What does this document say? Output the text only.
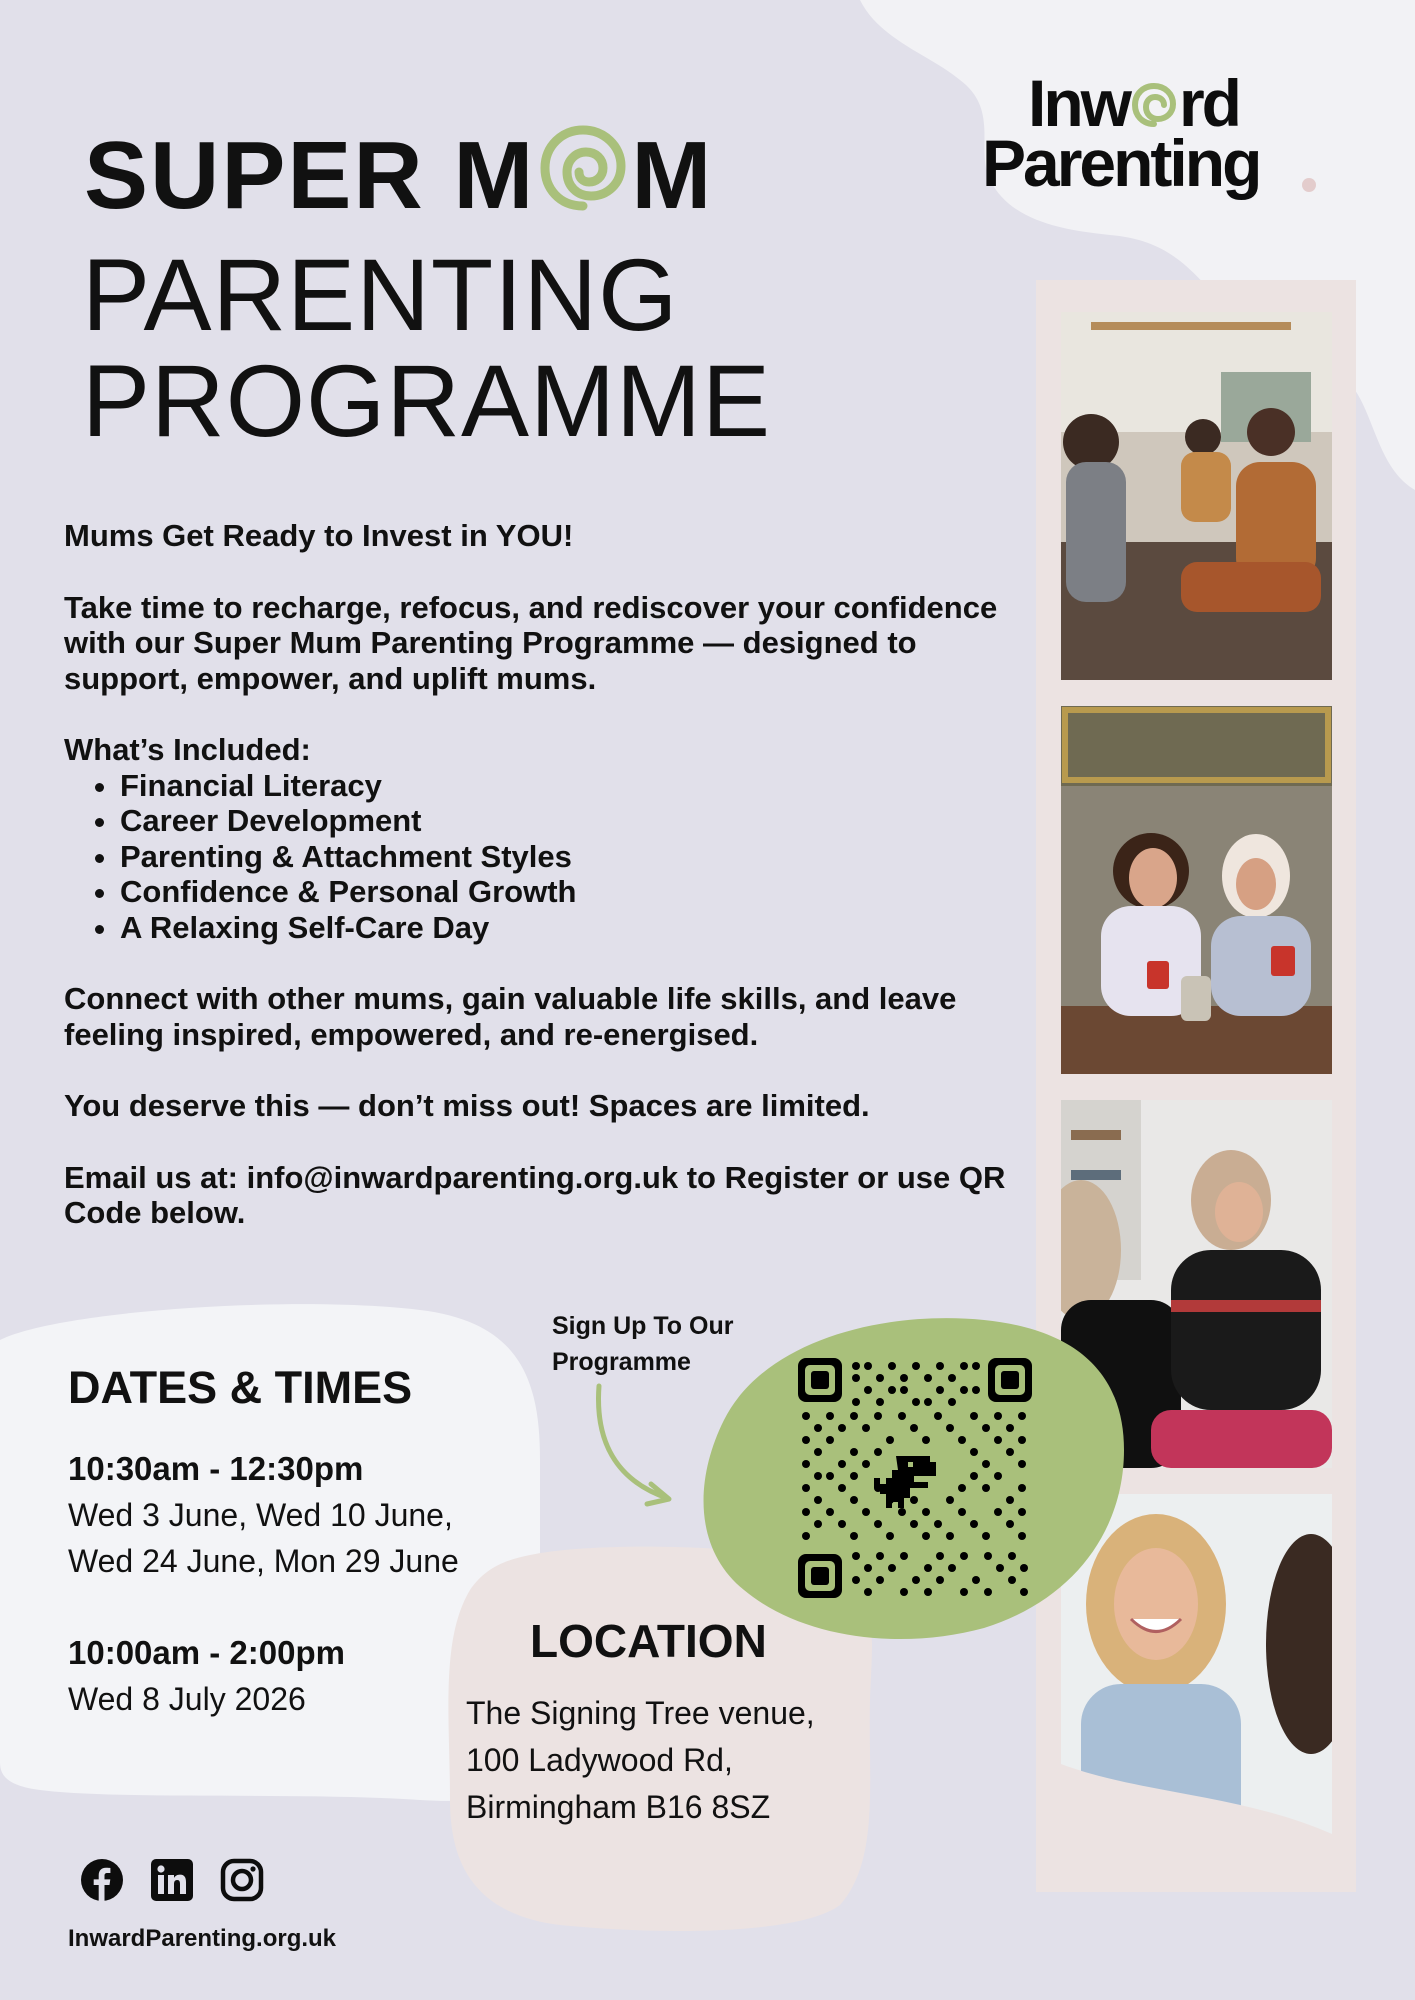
SUPER M M
PARENTING
PROGRAMME
Inw rd
Parenting

Mums Get Ready to Invest in YOU!

Take time to recharge, refocus, and rediscover your confidence with our Super Mum Parenting Programme — designed to support, empower, and uplift mums.

What’s Included:
• Financial Literacy
• Career Development
• Parenting & Attachment Styles
• Confidence & Personal Growth
• A Relaxing Self-Care Day

Connect with other mums, gain valuable life skills, and leave feeling inspired, empowered, and re-energised.

You deserve this — don’t miss out! Spaces are limited.

Email us at: info@inwardparenting.org.uk to Register or use QR Code below.

DATES & TIMES
10:30am - 12:30pm
Wed 3 June, Wed 10 June,
Wed 24 June, Mon 29 June
10:00am - 2:00pm
Wed 8 July 2026
Sign Up To Our
Programme
LOCATION
The Signing Tree venue,
100 Ladywood Rd,
Birmingham B16 8SZ
InwardParenting.org.uk
